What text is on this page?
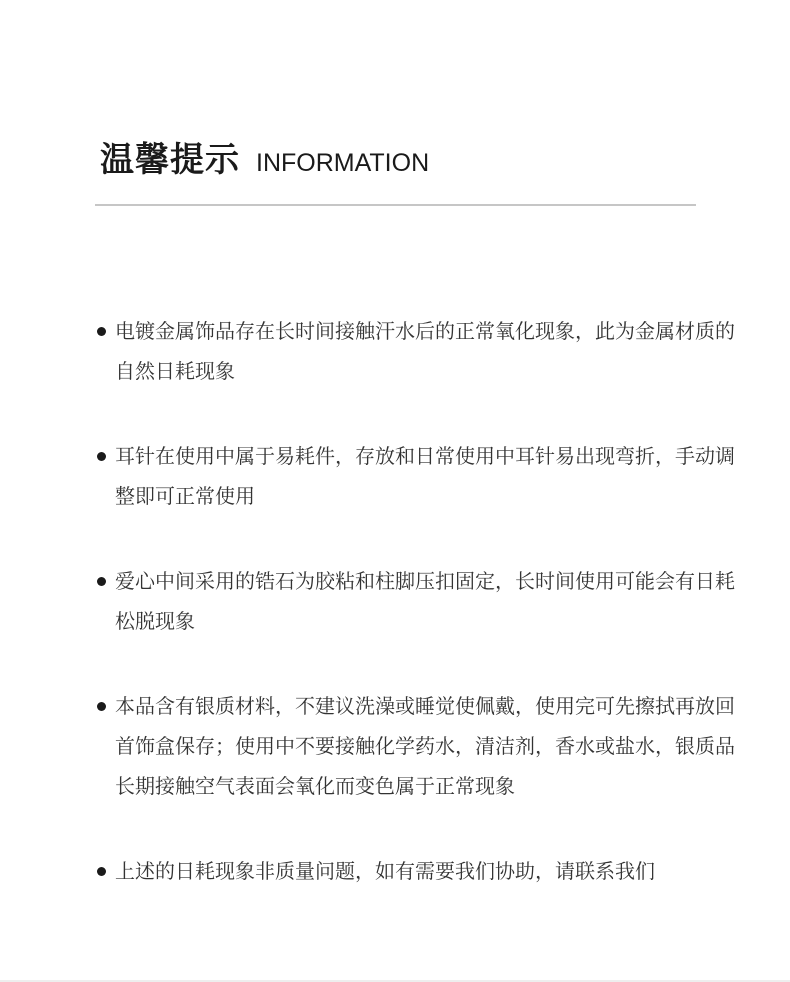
温馨提示 INFORMATION
电镀金属饰品存在长时间接触汗水后的正常氧化现象，此为金属材质的自然日耗现象
耳针在使用中属于易耗件，存放和日常使用中耳针易出现弯折，手动调整即可正常使用
爱心中间采用的锆石为胶粘和柱脚压扣固定，长时间使用可能会有日耗松脱现象
本品含有银质材料，不建议洗澡或睡觉使佩戴，使用完可先擦拭再放回首饰盒保存；使用中不要接触化学药水，清洁剂，香水或盐水，银质品长期接触空气表面会氧化而变色属于正常现象
上述的日耗现象非质量问题，如有需要我们协助，请联系我们
